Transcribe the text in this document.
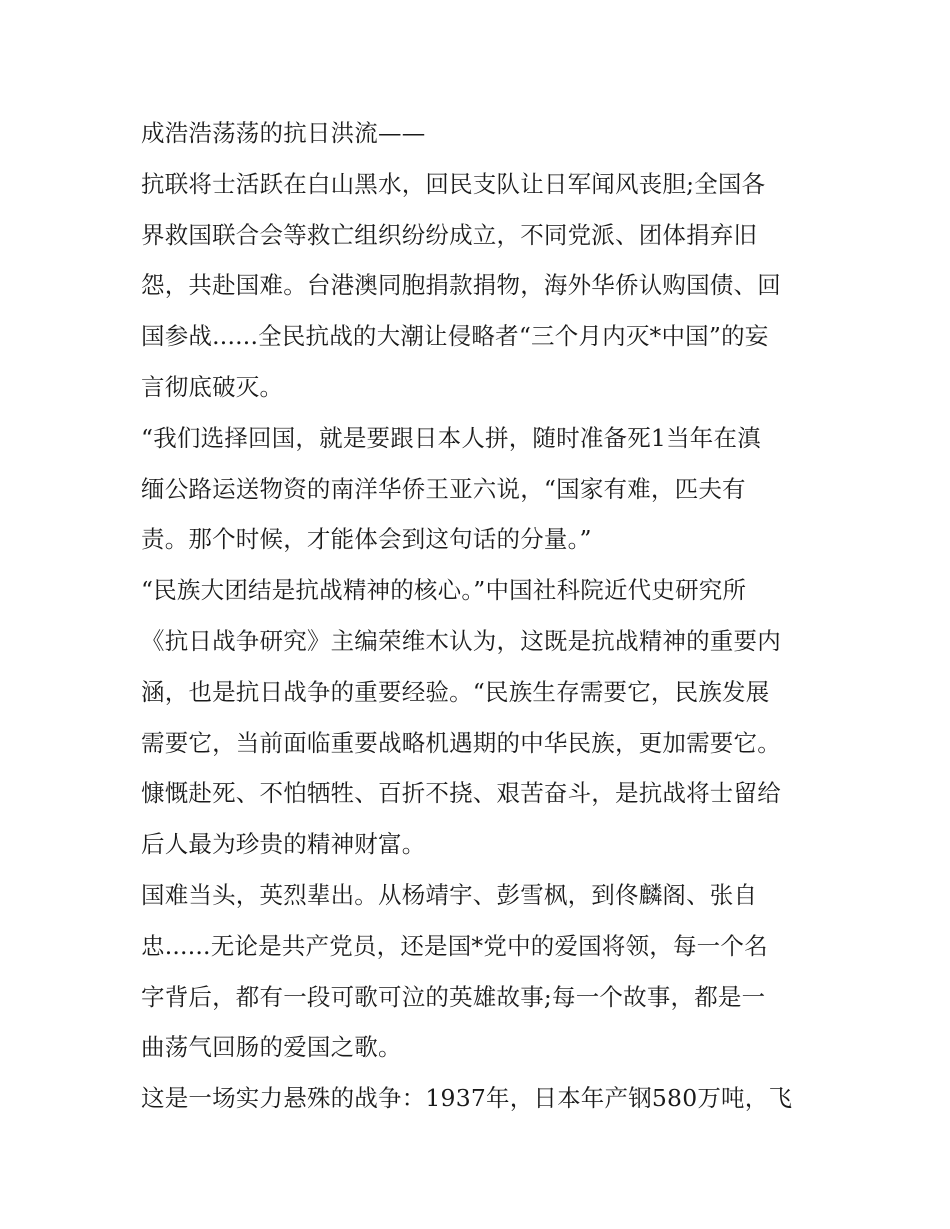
成浩浩荡荡的抗日洪流——
抗联将士活跃在白山黑水，回民支队让日军闻风丧胆;全国各
界救国联合会等救亡组织纷纷成立，不同党派、团体捐弃旧
怨，共赴国难。台港澳同胞捐款捐物，海外华侨认购国债、回
国参战......全民抗战的大潮让侵略者“三个月内灭*中国”的妄
言彻底破灭。
“我们选择回国，就是要跟日本人拼，随时准备死1当年在滇
缅公路运送物资的南洋华侨王亚六说，“国家有难，匹夫有
责。那个时候，才能体会到这句话的分量。”
“民族大团结是抗战精神的核心。”中国社科院近代史研究所
《抗日战争研究》主编荣维木认为，这既是抗战精神的重要内
涵，也是抗日战争的重要经验。“民族生存需要它，民族发展
需要它，当前面临重要战略机遇期的中华民族，更加需要它。
慷慨赴死、不怕牺牲、百折不挠、艰苦奋斗，是抗战将士留给
后人最为珍贵的精神财富。
国难当头，英烈辈出。从杨靖宇、彭雪枫，到佟麟阁、张自
忠......无论是共产党员，还是国*党中的爱国将领，每一个名
字背后，都有一段可歌可泣的英雄故事;每一个故事，都是一
曲荡气回肠的爱国之歌。
这是一场实力悬殊的战争：1937年，日本年产钢580万吨，飞
